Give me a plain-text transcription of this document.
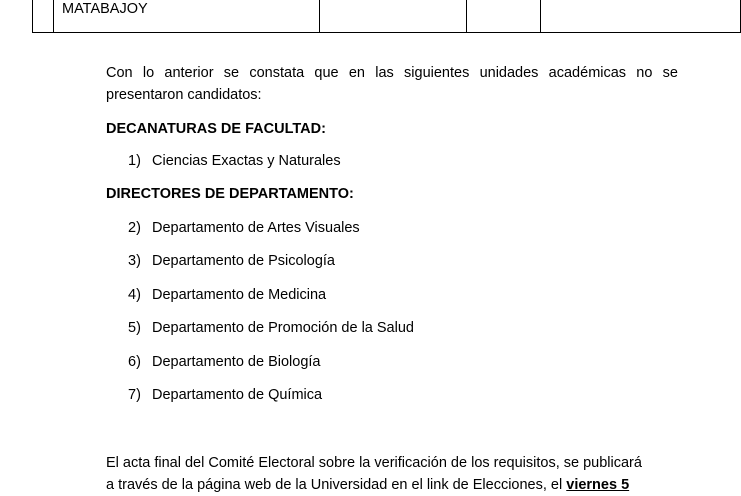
	MATABAJOY			

Con lo anterior se constata que en las siguientes unidades académicas no se presentaron candidatos:

DECANATURAS DE FACULTAD:

1) Ciencias Exactas y Naturales

DIRECTORES DE DEPARTAMENTO:

2) Departamento de Artes Visuales

3) Departamento de Psicología

4) Departamento de Medicina

5) Departamento de Promoción de la Salud

6) Departamento de Biología

7) Departamento de Química

El acta final del Comité Electoral sobre la verificación de los requisitos, se publicará
a través de la página web de la Universidad en el link de Elecciones, el viernes 5
